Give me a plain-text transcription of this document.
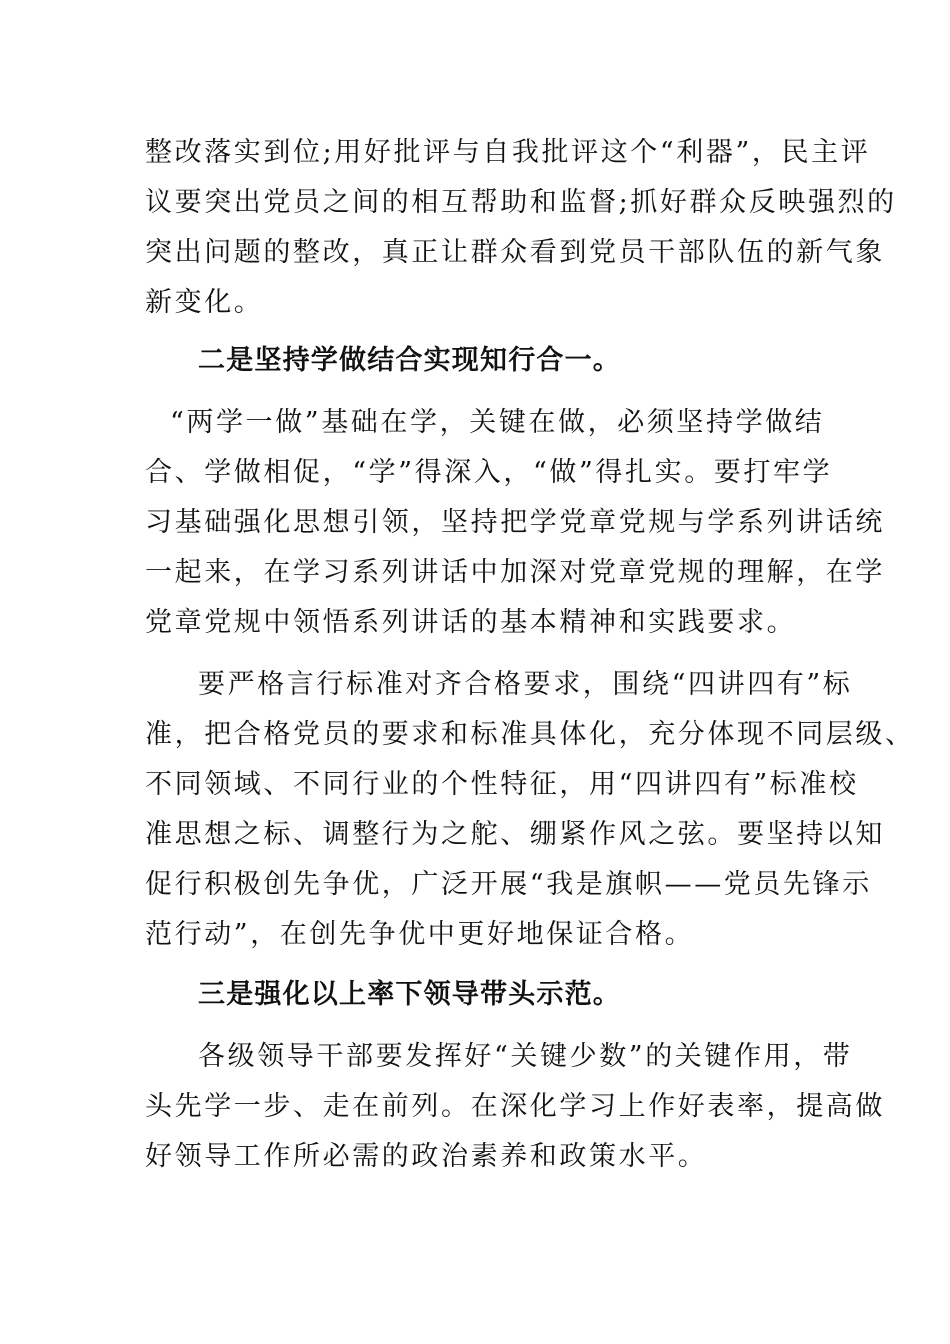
整改落实到位;用好批评与自我批评这个“利器”，民主评
议要突出党员之间的相互帮助和监督;抓好群众反映强烈的
突出问题的整改，真正让群众看到党员干部队伍的新气象
新变化。
二是坚持学做结合实现知行合一。
“两学一做”基础在学，关键在做，必须坚持学做结
合、学做相促，“学”得深入，“做”得扎实。要打牢学
习基础强化思想引领，坚持把学党章党规与学系列讲话统
一起来，在学习系列讲话中加深对党章党规的理解，在学
党章党规中领悟系列讲话的基本精神和实践要求。
要严格言行标准对齐合格要求，围绕“四讲四有”标
准，把合格党员的要求和标准具体化，充分体现不同层级、
不同领域、不同行业的个性特征，用“四讲四有”标准校
准思想之标、调整行为之舵、绷紧作风之弦。要坚持以知
促行积极创先争优，广泛开展“我是旗帜——党员先锋示
范行动”，在创先争优中更好地保证合格。
三是强化以上率下领导带头示范。
各级领导干部要发挥好“关键少数”的关键作用，带
头先学一步、走在前列。在深化学习上作好表率，提高做
好领导工作所必需的政治素养和政策水平。
